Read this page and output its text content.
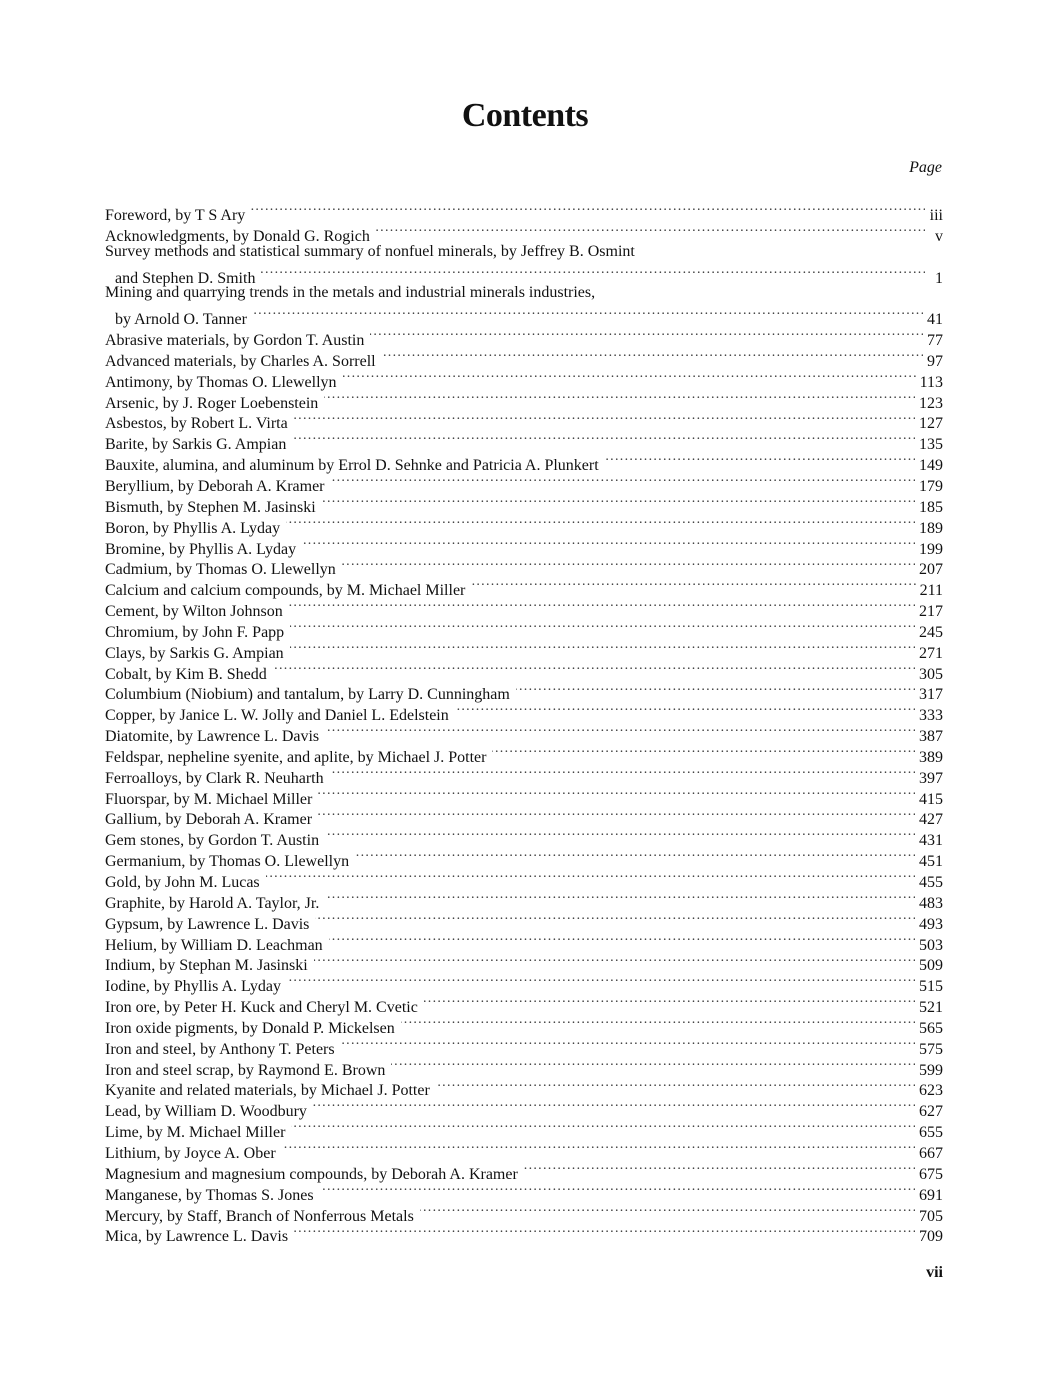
Contents
Page
Foreword, by T S Ary . . .	iii
Acknowledgments, by Donald G. Rogich . . .	v
Survey methods and statistical summary of nonfuel minerals, by Jeffrey B. Osmint
and Stephen D. Smith . . .	1
Mining and quarrying trends in the metals and industrial minerals industries,
by Arnold O. Tanner . . .	41
Abrasive materials, by Gordon T. Austin . . .	77
Advanced materials, by Charles A. Sorrell . . .	97
Antimony, by Thomas O. Llewellyn . . .	113
Arsenic, by J. Roger Loebenstein . . .	123
Asbestos, by Robert L. Virta . . .	127
Barite, by Sarkis G. Ampian . . .	135
Bauxite, alumina, and aluminum by Errol D. Sehnke and Patricia A. Plunkert . . .	149
Beryllium, by Deborah A. Kramer . . .	179
Bismuth, by Stephen M. Jasinski . . .	185
Boron, by Phyllis A. Lyday . . .	189
Bromine, by Phyllis A. Lyday . . .	199
Cadmium, by Thomas O. Llewellyn . . .	207
Calcium and calcium compounds, by M. Michael Miller . . .	211
Cement, by Wilton Johnson . . .	217
Chromium, by John F. Papp . . .	245
Clays, by Sarkis G. Ampian . . .	271
Cobalt, by Kim B. Shedd . . .	305
Columbium (Niobium) and tantalum, by Larry D. Cunningham . . .	317
Copper, by Janice L. W. Jolly and Daniel L. Edelstein . . .	333
Diatomite, by Lawrence L. Davis . . .	387
Feldspar, nepheline syenite, and aplite, by Michael J. Potter . . .	389
Ferroalloys, by Clark R. Neuharth . . .	397
Fluorspar, by M. Michael Miller . . .	415
Gallium, by Deborah A. Kramer . . .	427
Gem stones, by Gordon T. Austin . . .	431
Germanium, by Thomas O. Llewellyn . . .	451
Gold, by John M. Lucas . . .	455
Graphite, by Harold A. Taylor, Jr. . . .	483
Gypsum, by Lawrence L. Davis . . .	493
Helium, by William D. Leachman . . .	503
Indium, by Stephan M. Jasinski . . .	509
Iodine, by Phyllis A. Lyday . . .	515
Iron ore, by Peter H. Kuck and Cheryl M. Cvetic . . .	521
Iron oxide pigments, by Donald P. Mickelsen . . .	565
Iron and steel, by Anthony T. Peters . . .	575
Iron and steel scrap, by Raymond E. Brown . . .	599
Kyanite and related materials, by Michael J. Potter . . .	623
Lead, by William D. Woodbury . . .	627
Lime, by M. Michael Miller . . .	655
Lithium, by Joyce A. Ober . . .	667
Magnesium and magnesium compounds, by Deborah A. Kramer . . .	675
Manganese, by Thomas S. Jones . . .	691
Mercury, by Staff, Branch of Nonferrous Metals . . .	705
Mica, by Lawrence L. Davis . . .	709
vii
